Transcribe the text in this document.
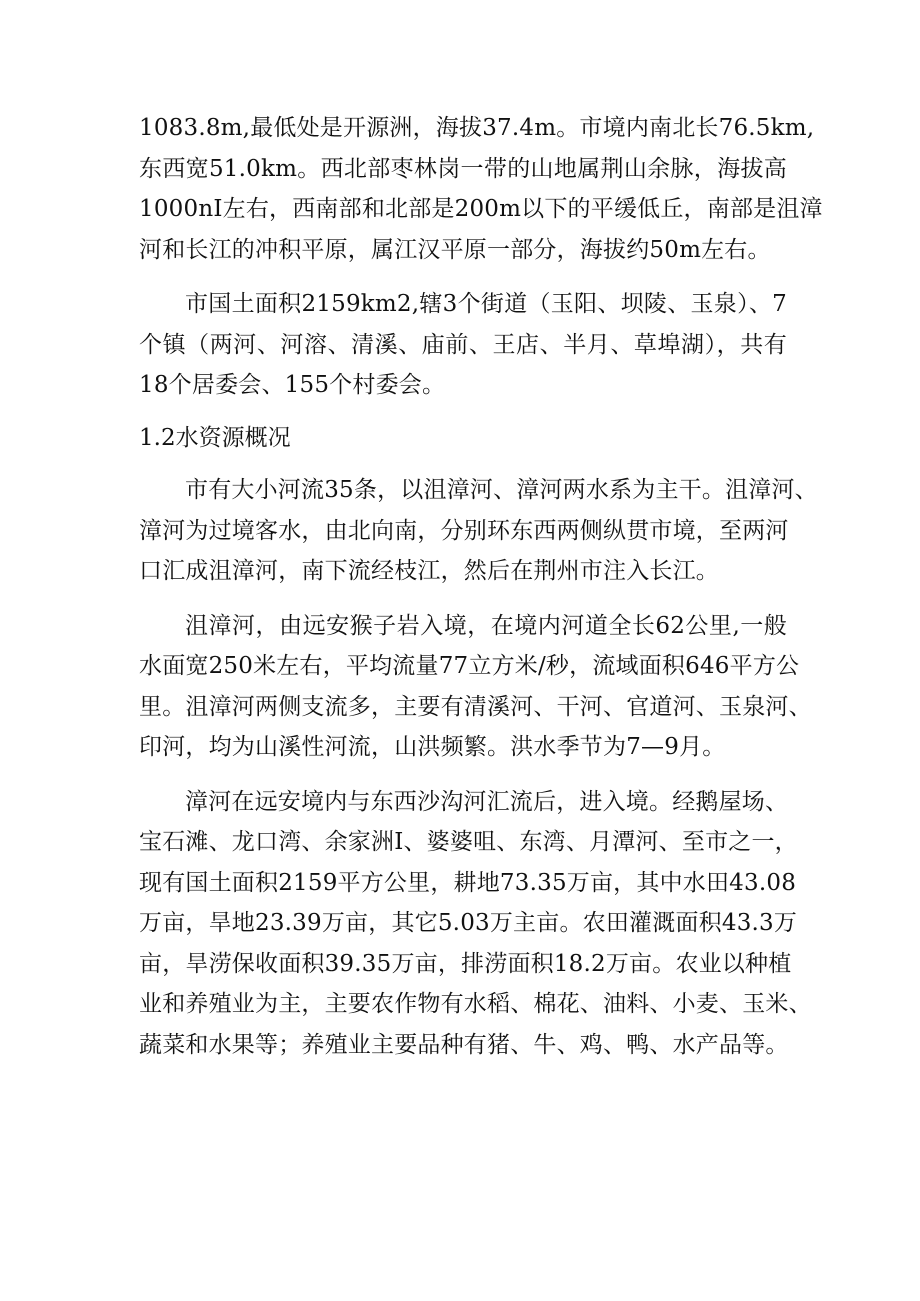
1083.8m,最低处是开源洲，海拔37.4m。市境内南北长76.5km,
东西宽51.0km。西北部枣林岗一带的山地属荆山余脉，海拔高
1000nI左右，西南部和北部是200m以下的平缓低丘，南部是沮漳
河和长江的冲积平原，属江汉平原一部分，海拔约50m左右。
市国土面积2159km2,辖3个街道（玉阳、坝陵、玉泉）、7
个镇（两河、河溶、清溪、庙前、王店、半月、草埠湖），共有
18个居委会、155个村委会。
1.2水资源概况
市有大小河流35条，以沮漳河、漳河两水系为主干。沮漳河、
漳河为过境客水，由北向南，分别环东西两侧纵贯市境，至两河
口汇成沮漳河，南下流经枝江，然后在荆州市注入长江。
沮漳河，由远安猴子岩入境，在境内河道全长62公里,一般
水面宽250米左右，平均流量77立方米/秒，流域面积646平方公
里。沮漳河两侧支流多，主要有清溪河、干河、官道河、玉泉河、
印河，均为山溪性河流，山洪频繁。洪水季节为7—9月。
漳河在远安境内与东西沙沟河汇流后，进入境。经鹅屋场、
宝石滩、龙口湾、余家洲I、婆婆咀、东湾、月潭河、至市之一，
现有国土面积2159平方公里，耕地73.35万亩，其中水田43.08
万亩，旱地23.39万亩，其它5.03万主亩。农田灌溉面积43.3万
亩，旱涝保收面积39.35万亩，排涝面积18.2万亩。农业以种植
业和养殖业为主，主要农作物有水稻、棉花、油料、小麦、玉米、
蔬菜和水果等；养殖业主要品种有猪、牛、鸡、鸭、水产品等。
